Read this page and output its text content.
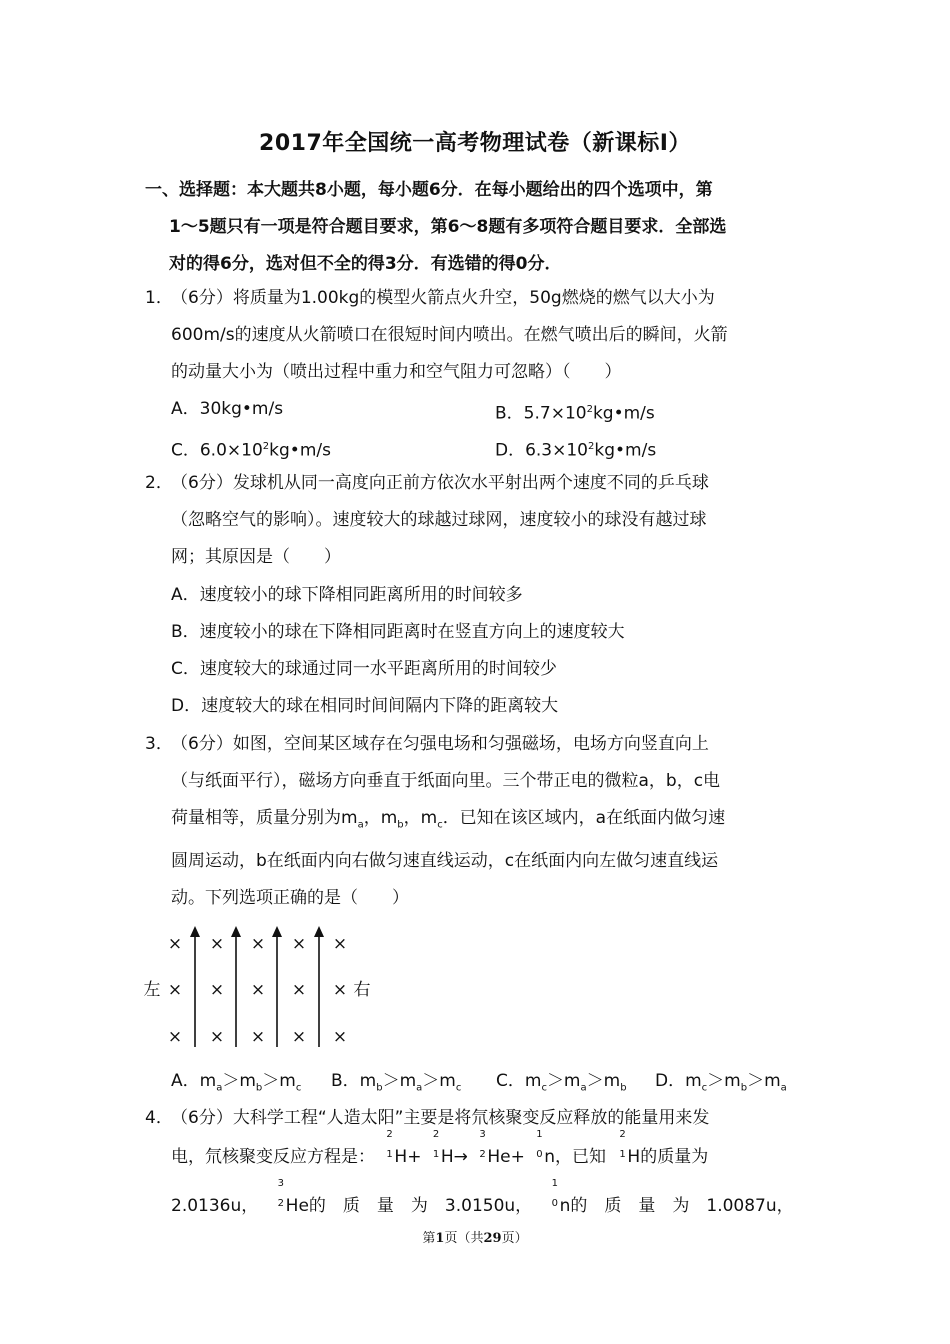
2017年全国统一高考物理试卷（新课标Ⅰ）
一、选择题：本大题共8小题，每小题6分．在每小题给出的四个选项中，第
1～5题只有一项是符合题目要求，第6～8题有多项符合题目要求．全部选
对的得6分，选对但不全的得3分．有选错的得0分．
1．
（6分）将质量为1.00kg的模型火箭点火升空，50g燃烧的燃气以大小为
600m/s的速度从火箭喷口在很短时间内喷出。在燃气喷出后的瞬间，火箭
的动量大小为（喷出过程中重力和空气阻力可忽略）（　　）
A．30kg•m/s	B．$5.7\times 10^2kg•m/s$
C．$6.0\times 10^2kg•m/s$	D．$6.3\times 10^2kg•m/s$
2．
（6分）发球机从同一高度向正前方依次水平射出两个速度不同的乒乓球
（忽略空气的影响）。速度较大的球越过球网，速度较小的球没有越过球
网；其原因是（　　）
A．速度较小的球下降相同距离所用的时间较多
B．速度较小的球在下降相同距离时在竖直方向上的速度较大
C．速度较大的球通过同一水平距离所用的时间较少
D．速度较大的球在相同时间间隔内下降的距离较大
3．
（6分）如图，空间某区域存在匀强电场和匀强磁场，电场方向竖直向上
（与纸面平行），磁场方向垂直于纸面向里。三个带正电的微粒a，b，c电
荷量相等，质量分别为$m_a$，$m_b$，$m_c$．已知在该区域内，a在纸面内做匀速
圆周运动，b在纸面内向右做匀速直线运动，c在纸面内向左做匀速直线运
动。下列选项正确的是（　　）
× × × × ×
左 × × × × × 右
× × × × ×
A．$m_a>m_b>m_c$ B．$m_b>m_a>m_c$ C．$m_c>m_a>m_b$ D．$m_c>m_b>m_a$
4．
（6分）大科学工程“人造太阳”主要是将氘核聚变反应释放的能量用来发
电，氘核聚变反应方程是：
2
1 H+
2
1 H→
3
2 He+
1
0 n，已知
2
1 H的质量为
2.0136u，
3
2 He的　质　量　为　3.0150u，
1
0 n的　质　量　为　1.0087u，
第1页（共29页）
